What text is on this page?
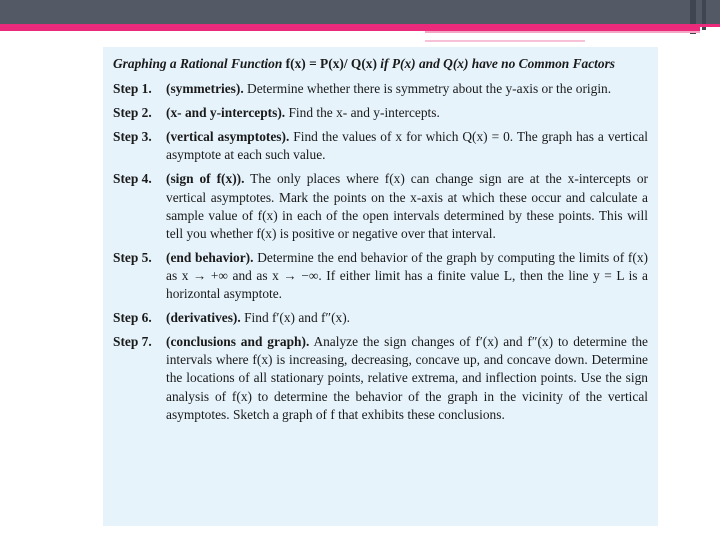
Graphing a Rational Function f(x) = P(x)/ Q(x) if P(x) and Q(x) have no Common Factors
Step 1.	(symmetries). Determine whether there is symmetry about the y-axis or the origin.
Step 2.	(x- and y-intercepts). Find the x- and y-intercepts.
Step 3.	(vertical asymptotes). Find the values of x for which Q(x) = 0. The graph has a vertical asymptote at each such value.
Step 4.	(sign of f(x)). The only places where f(x) can change sign are at the x-intercepts or vertical asymptotes. Mark the points on the x-axis at which these occur and calculate a sample value of f(x) in each of the open intervals determined by these points. This will tell you whether f(x) is positive or negative over that interval.
Step 5.	(end behavior). Determine the end behavior of the graph by computing the limits of f(x) as x → +∞ and as x → −∞. If either limit has a finite value L, then the line y = L is a horizontal asymptote.
Step 6.	(derivatives). Find f′(x) and f″(x).
Step 7.	(conclusions and graph). Analyze the sign changes of f′(x) and f″(x) to determine the intervals where f(x) is increasing, decreasing, concave up, and concave down. Determine the locations of all stationary points, relative extrema, and inflection points. Use the sign analysis of f(x) to determine the behavior of the graph in the vicinity of the vertical asymptotes. Sketch a graph of f that exhibits these conclusions.
